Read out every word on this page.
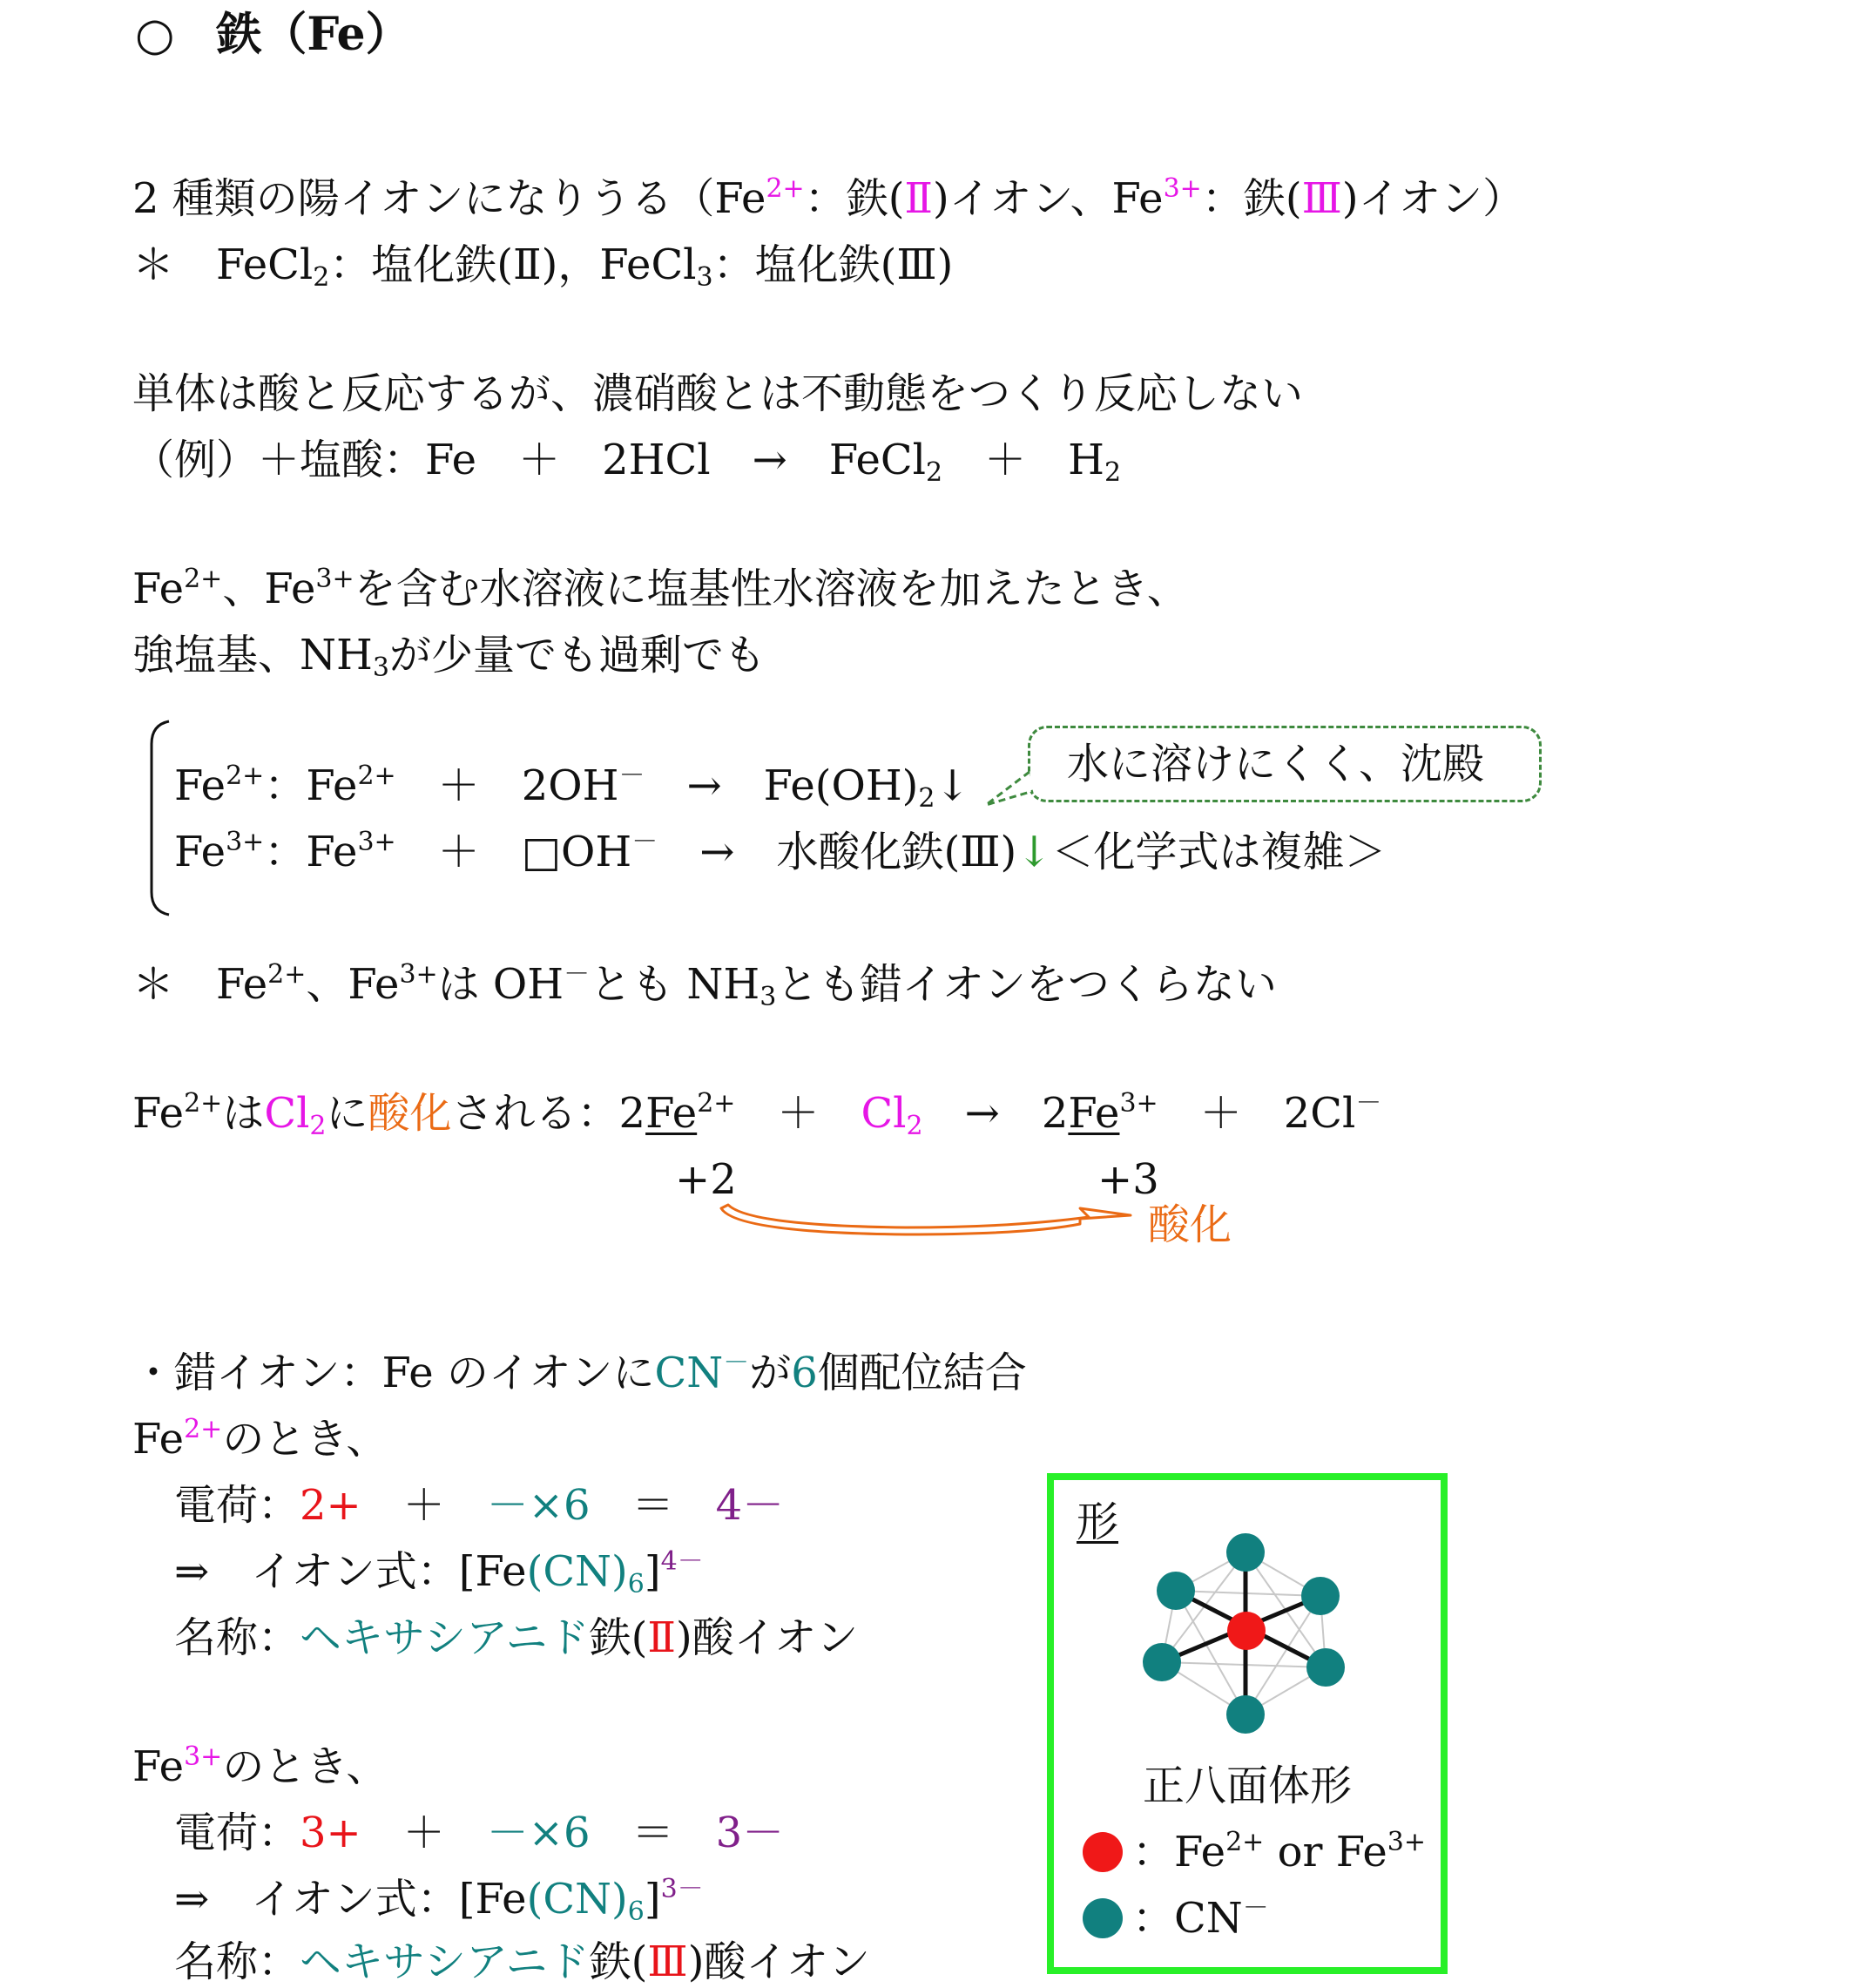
○ 鉄（Fe）
2 種類の陽イオンになりうる（$Fe^{2+}$：鉄(Ⅱ)イオン、$Fe^{3+}$：鉄(Ⅲ)イオン）
＊ FeCl$_2$：塩化鉄(Ⅱ)，FeCl$_3$：塩化鉄(Ⅲ)
単体は酸と反応するが、濃硝酸とは不動態をつくり反応しない
（例）＋塩酸：Fe ＋ 2HCl → FeCl$_2$ ＋ $H_2$
$Fe^{2+}$、$Fe^{3+}$を含む水溶液に塩基性水溶液を加えたとき、
強塩基、$NH_3$が少量でも過剰でも
$Fe^{2+}$：$Fe^{2+} + 2OH^-$ → $Fe(OH)_2↓$
$Fe^{3+}$：$Fe^{3+}$ ＋ □OH－ → 水酸化鉄(Ⅲ)↓＜化学式は複雑＞
水に溶けにくく、沈殿
＊ $Fe^{2+}$、$Fe^{3+}$は OH－とも $NH_3$とも錯イオンをつくらない
$Fe^{2+}$は$Cl_2$に酸化される：$2Fe^{2+} + Cl_2 \to 2Fe^{3+} + 2Cl^-$
+2	+3
酸化
・錯イオン：Fe のイオンにCN－が6個配位結合
$Fe^{2+}$のとき、
電荷：2+ ＋ －×6 ＝ 4－
⇒　イオン式：$[Fe(CN)_6]^{4-}$
名称：ヘキサシアニド鉄(Ⅱ)酸イオン
$Fe^{3+}$のとき、
電荷：3+ ＋ －×6 ＝ 3－
⇒　イオン式：$[Fe(CN)_6]^{3-}$
名称：ヘキサシアニド鉄(Ⅲ)酸イオン
形
正八面体形
：$Fe^{2+}$ or $Fe^{3+}$
：CN－
